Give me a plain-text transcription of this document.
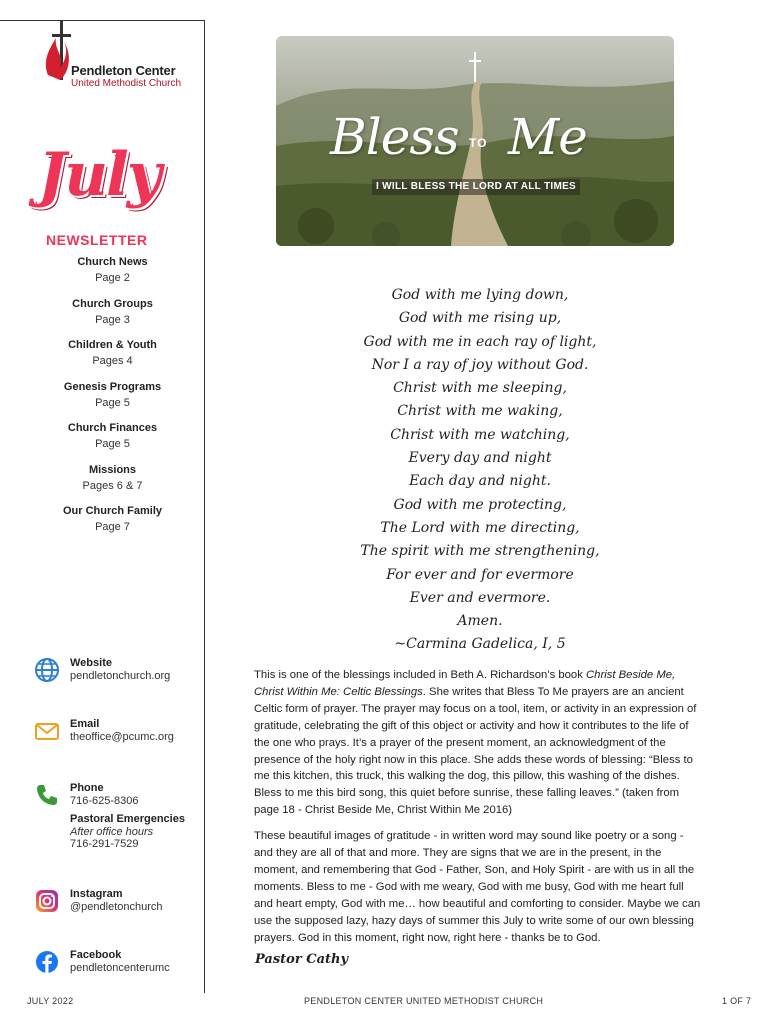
Pendleton Center
United Methodist Church
July
NEWSLETTER
Church News
Page 2
Church Groups
Page 3
Children & Youth
Pages 4
Genesis Programs
Page 5
Church Finances
Page 5
Missions
Pages 6 & 7
Our Church Family
Page 7
Website
pendletonchurch.org
Email
theoffice@pcumc.org
Phone
716-625-8306
Pastoral Emergencies
After office hours
716-291-7529
Instagram
@pendletonchurch
Facebook
pendletoncenterumc
Bless TO Me
I WILL BLESS THE LORD AT ALL TIMES
God with me lying down,
God with me rising up,
God with me in each ray of light,
Nor I a ray of joy without God.
Christ with me sleeping,
Christ with me waking,
Christ with me watching,
Every day and night
Each day and night.
God with me protecting,
The Lord with me directing,
The spirit with me strengthening,
For ever and for evermore
Ever and evermore.
Amen.
~Carmina Gadelica, I, 5

This is one of the blessings included in Beth A. Richardson’s book Christ Beside Me, Christ Within Me: Celtic Blessings. She writes that Bless To Me prayers are an ancient Celtic form of prayer. The prayer may focus on a tool, item, or activity in an expression of gratitude, celebrating the gift of this object or activity and how it contributes to the life of the one who prays. It’s a prayer of the present moment, an acknowledgment of the presence of the holy right now in this place. She adds these words of blessing: “Bless to me this kitchen, this truck, this walking the dog, this pillow, this washing of the dishes. Bless to me this bird song, this quiet before sunrise, these falling leaves.” (taken from page 18 - Christ Beside Me, Christ Within Me 2016)

These beautiful images of gratitude - in written word may sound like poetry or a song - and they are all of that and more. They are signs that we are in the present, in the moment, and remembering that God - Father, Son, and Holy Spirit - are with us in all the moments. Bless to me - God with me weary, God with me busy, God with me heart full and heart empty, God with me… how beautiful and comforting to consider. Maybe we can use the supposed lazy, hazy days of summer this July to write some of our own blessing prayers. God in this moment, right now, right here - thanks be to God.

Pastor Cathy
JULY 2022	PENDLETON CENTER UNITED METHODIST CHURCH	1 OF 7
